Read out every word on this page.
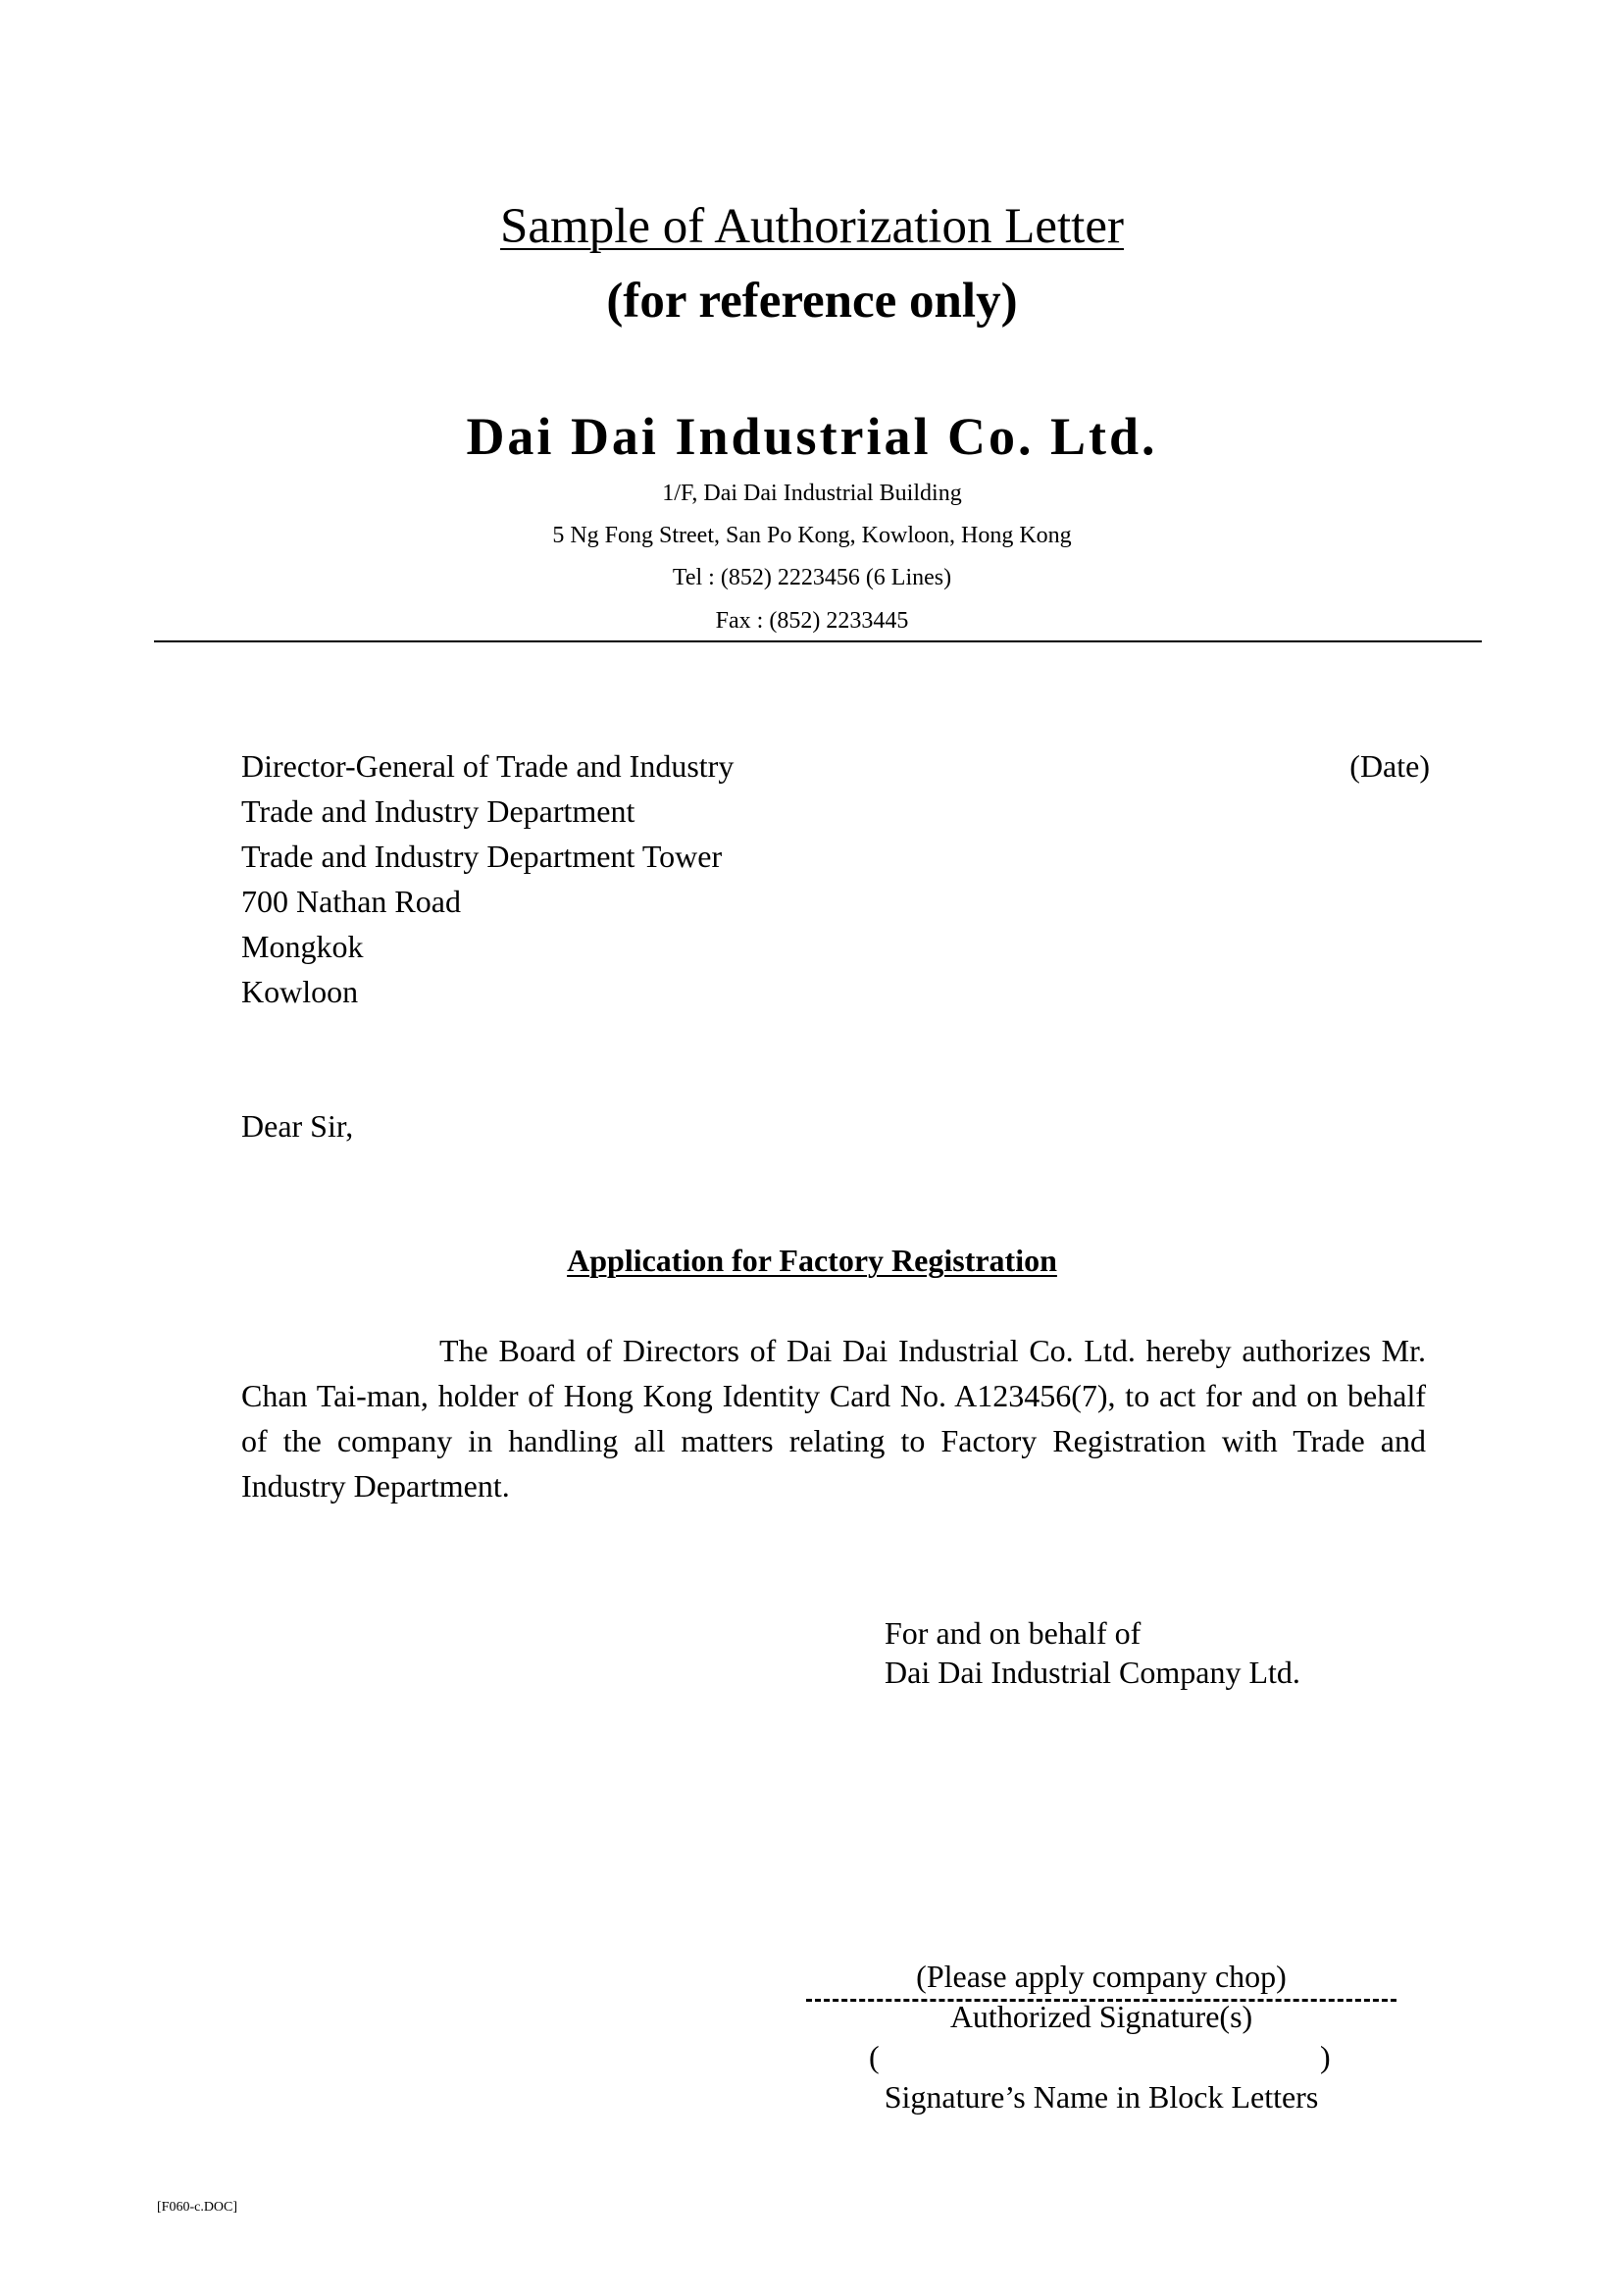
Sample of Authorization Letter
(for reference only)
Dai Dai Industrial Co. Ltd.
1/F, Dai Dai Industrial Building
5 Ng Fong Street, San Po Kong, Kowloon, Hong Kong
Tel : (852) 2223456 (6 Lines)
Fax : (852) 2233445
Director-General of Trade and Industry
Trade and Industry Department
Trade and Industry Department Tower
700 Nathan Road
Mongkok
Kowloon
(Date)
Dear Sir,
Application for Factory Registration
The Board of Directors of Dai Dai Industrial Co. Ltd. hereby authorizes Mr. Chan Tai-man, holder of Hong Kong Identity Card No. A123456(7), to act for and on behalf of the company in handling all matters relating to Factory Registration with Trade and Industry Department.
For and on behalf of
Dai Dai Industrial Company Ltd.
(Please apply company chop)
Authorized Signature(s)
(	)
Signature’s Name in Block Letters
[F060-c.DOC]
